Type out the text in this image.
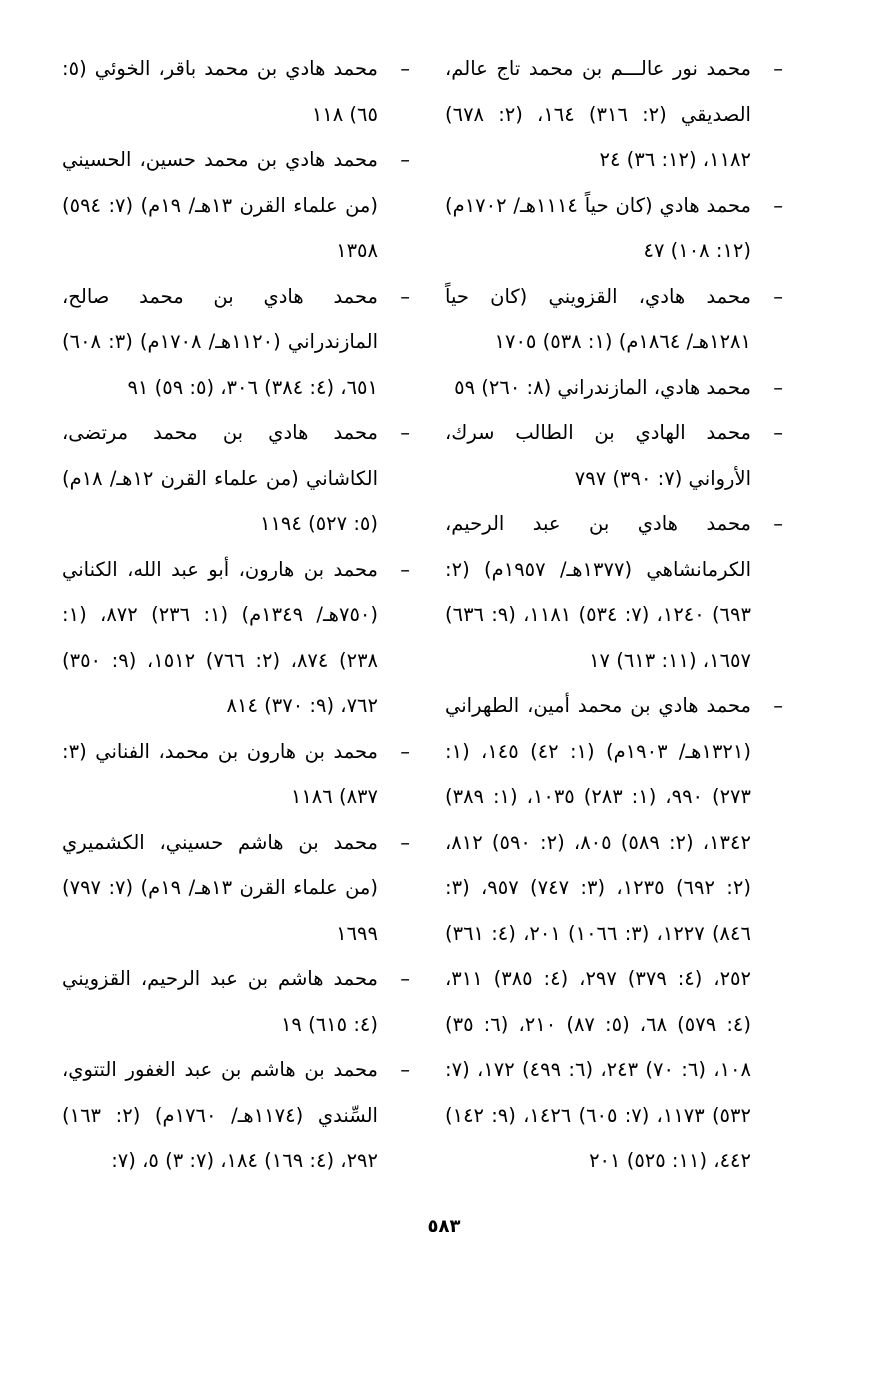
–
محمد نور عالـــم بن محمد تاج عالم، الصديقي (٢: ٣١٦) ١٦٤، (٢: ٦٧٨) ١١٨٢، (١٢: ٣٦) ٢٤

–
محمد هادي (كان حياً ١١١٤هـ/ ١٧٠٢م) (١٢: ١٠٨) ٤٧

–
محمد هادي، القزويني (كان حياً ١٢٨١هـ/ ١٨٦٤م) (١: ٥٣٨) ١٧٠٥

–
محمد هادي، المازندراني (٨: ٢٦٠) ٥٩

–
محمد الهادي بن الطالب سرك، الأرواني (٧: ٣٩٠) ٧٩٧

–
محمد هادي بن عبد الرحيم، الكرمانشاهي (١٣٧٧هـ/ ١٩٥٧م) (٢: ٦٩٣) ١٢٤٠، (٧: ٥٣٤) ١١٨١، (٩: ٦٣٦) ١٦٥٧، (١١: ٦١٣) ١٧

–
محمد هادي بن محمد أمين، الطهراني (١٣٢١هـ/ ١٩٠٣م) (١: ٤٢) ١٤٥، (١: ٢٧٣) ٩٩٠، (١: ٢٨٣) ١٠٣٥، (١: ٣٨٩) ١٣٤٢، (٢: ٥٨٩) ٨٠٥، (٢: ٥٩٠) ٨١٢، (٢: ٦٩٢) ١٢٣٥، (٣: ٧٤٧) ٩٥٧، (٣: ٨٤٦) ١٢٢٧، (٣: ١٠٦٦) ٢٠١، (٤: ٣٦١) ٢٥٢، (٤: ٣٧٩) ٢٩٧، (٤: ٣٨٥) ٣١١، (٤: ٥٧٩) ٦٨، (٥: ٨٧) ٢١٠، (٦: ٣٥) ١٠٨، (٦: ٧٠) ٢٤٣، (٦: ٤٩٩) ١٧٢، (٧: ٥٣٢) ١١٧٣، (٧: ٦٠٥) ١٤٢٦، (٩: ١٤٢) ٤٤٢، (١١: ٥٢٥) ٢٠١

–
محمد هادي بن محمد باقر، الخوئي (٥: ٦٥) ١١٨

–
محمد هادي بن محمد حسين، الحسيني (من علماء القرن ١٣هـ/ ١٩م) (٧: ٥٩٤) ١٣٥٨

–
محمد هادي بن محمد صالح، المازندراني (١١٢٠هـ/ ١٧٠٨م) (٣: ٦٠٨) ٦٥١، (٤: ٣٨٤) ٣٠٦، (٥: ٥٩) ٩١

–
محمد هادي بن محمد مرتضى، الكاشاني (من علماء القرن ١٢هـ/ ١٨م) (٥: ٥٢٧) ١١٩٤

–
محمد بن هارون، أبو عبد الله، الكناني (٧٥٠هـ/ ١٣٤٩م) (١: ٢٣٦) ٨٧٢، (١: ٢٣٨) ٨٧٤، (٢: ٧٦٦) ١٥١٢، (٩: ٣٥٠) ٧٦٢، (٩: ٣٧٠) ٨١٤

–
محمد بن هارون بن محمد، الفناني (٣: ٨٣٧) ١١٨٦

–
محمد بن هاشم حسيني، الكشميري (من علماء القرن ١٣هـ/ ١٩م) (٧: ٧٩٧) ١٦٩٩

–
محمد هاشم بن عبد الرحيم، القزويني (٤: ٦١٥) ١٩

–
محمد بن هاشم بن عبد الغفور التتوي، السِّندي (١١٧٤هـ/ ١٧٦٠م) (٢: ١٦٣) ٢٩٢، (٤: ١٦٩) ١٨٤، (٧: ٣) ٥، (٧:

٥٨٣
